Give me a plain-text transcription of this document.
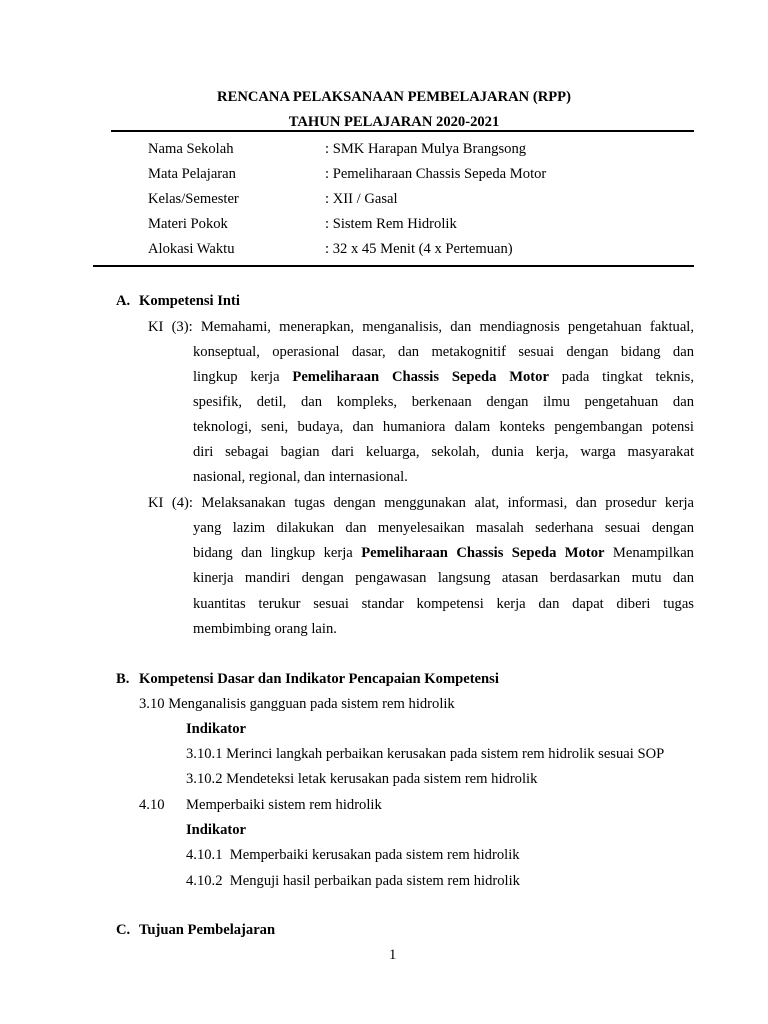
RENCANA PELAKSANAAN PEMBELAJARAN (RPP)
TAHUN PELAJARAN 2020-2021
Nama Sekolah	: SMK Harapan Mulya Brangsong
Mata Pelajaran	: Pemeliharaan Chassis Sepeda Motor
Kelas/Semester	: XII / Gasal
Materi Pokok	: Sistem Rem Hidrolik
Alokasi Waktu	: 32 x 45 Menit (4 x Pertemuan)
A. Kompetensi Inti
KI (3): Memahami, menerapkan, menganalisis, dan mendiagnosis pengetahuan faktual,
konseptual, operasional dasar, dan metakognitif sesuai dengan bidang dan
lingkup kerja Pemeliharaan Chassis Sepeda Motor pada tingkat teknis,
spesifik, detil, dan kompleks, berkenaan dengan ilmu pengetahuan dan
teknologi, seni, budaya, dan humaniora dalam konteks pengembangan potensi
diri sebagai bagian dari keluarga, sekolah, dunia kerja, warga masyarakat
nasional, regional, dan internasional.
KI (4): Melaksanakan tugas dengan menggunakan alat, informasi, dan prosedur kerja
yang lazim dilakukan dan menyelesaikan masalah sederhana sesuai dengan
bidang dan lingkup kerja Pemeliharaan Chassis Sepeda Motor Menampilkan
kinerja mandiri dengan pengawasan langsung atasan berdasarkan mutu dan
kuantitas terukur sesuai standar kompetensi kerja dan dapat diberi tugas
membimbing orang lain.
B. Kompetensi Dasar dan Indikator Pencapaian Kompetensi
3.10 Menganalisis gangguan pada sistem rem hidrolik
Indikator
3.10.1 Merinci langkah perbaikan kerusakan pada sistem rem hidrolik sesuai SOP
3.10.2 Mendeteksi letak kerusakan pada sistem rem hidrolik
4.10 Memperbaiki sistem rem hidrolik
Indikator
4.10.1  Memperbaiki kerusakan pada sistem rem hidrolik
4.10.2  Menguji hasil perbaikan pada sistem rem hidrolik
C. Tujuan Pembelajaran
1
